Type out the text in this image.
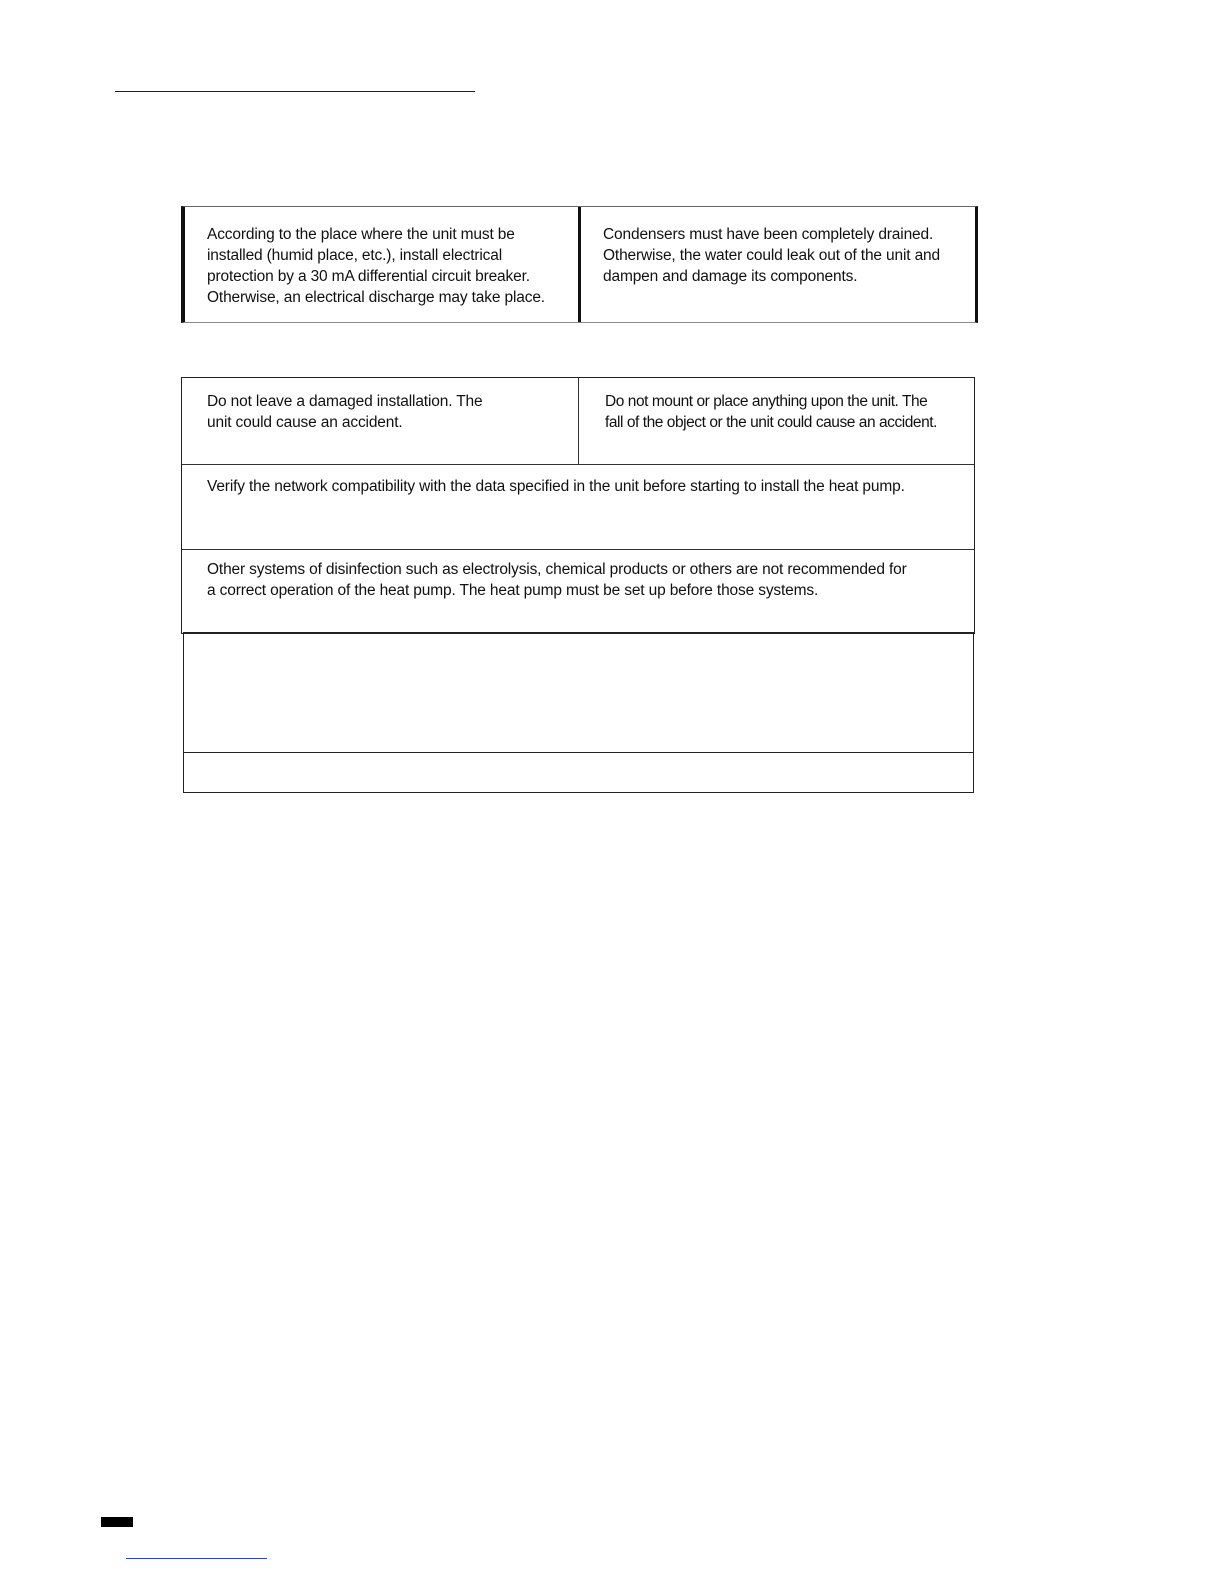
According to the place where the unit must be
installed (humid place, etc.), install electrical
protection by a 30 mA differential circuit breaker.
Otherwise, an electrical discharge may take place.
Condensers must have been completely drained.
Otherwise, the water could leak out of the unit and
dampen and damage its components.
Do not leave a damaged installation. The
unit could cause an accident.
Do not mount or place anything upon the unit. The
fall of the object or the unit could cause an accident.
Verify the network compatibility with the data specified in the unit before starting to install the heat pump.
Other systems of disinfection such as electrolysis, chemical products or others are not recommended for
a correct operation of the heat pump. The heat pump must be set up before those systems.
